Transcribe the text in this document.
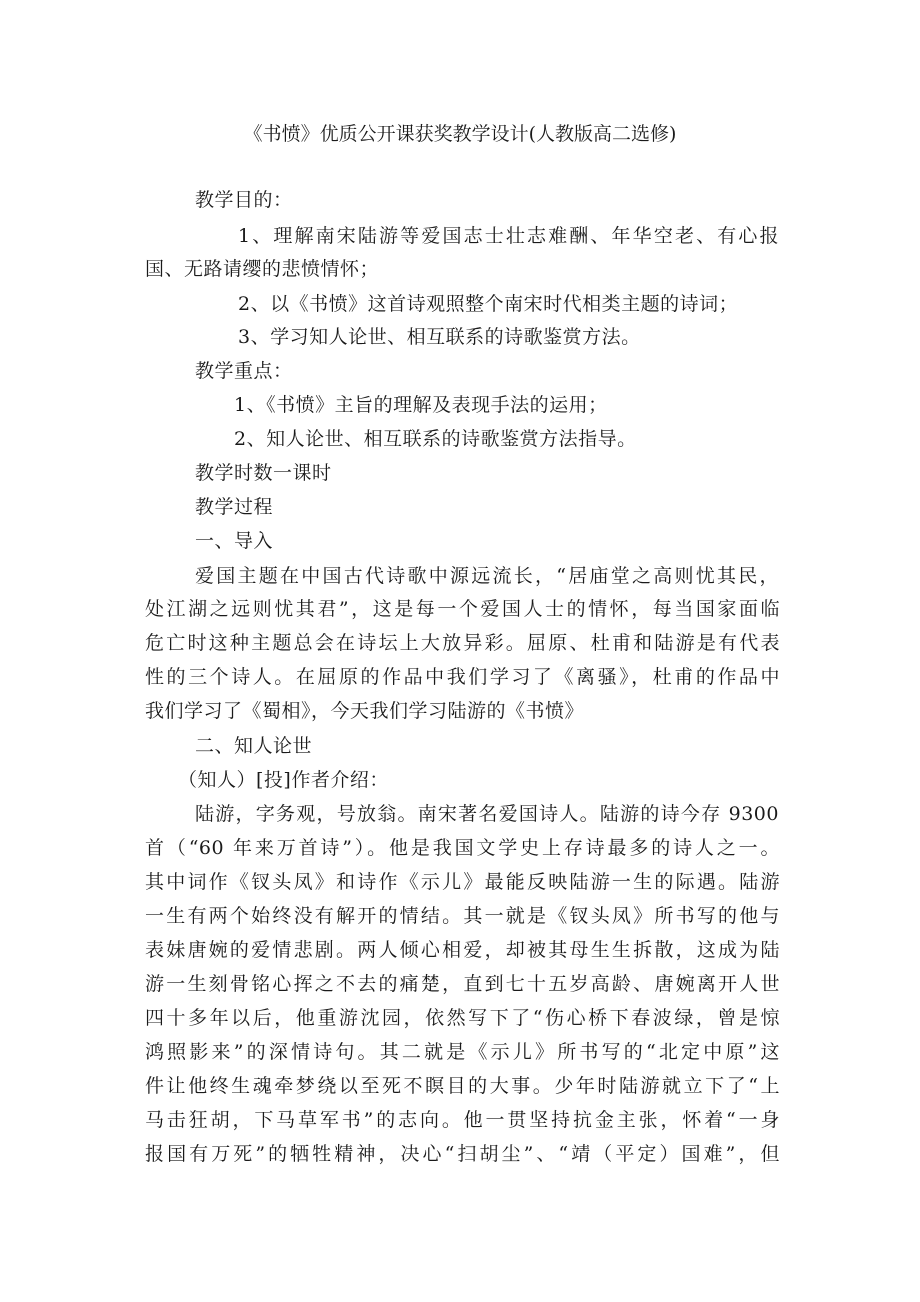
《书愤》优质公开课获奖教学设计(人教版高二选修)
教学目的：
1、理解南宋陆游等爱国志士壮志难酬、年华空老、有心报
国、无路请缨的悲愤情怀；
2、以《书愤》这首诗观照整个南宋时代相类主题的诗词；
3、学习知人论世、相互联系的诗歌鉴赏方法。
教学重点：
1、《书愤》主旨的理解及表现手法的运用；
2、知人论世、相互联系的诗歌鉴赏方法指导。
教学时数一课时
教学过程
一、导入
爱国主题在中国古代诗歌中源远流长，“居庙堂之高则忧其民，
处江湖之远则忧其君”，这是每一个爱国人士的情怀，每当国家面临
危亡时这种主题总会在诗坛上大放异彩。屈原、杜甫和陆游是有代表
性的三个诗人。在屈原的作品中我们学习了《离骚》，杜甫的作品中
我们学习了《蜀相》，今天我们学习陆游的《书愤》
二、知人论世
（知人）[投]作者介绍：
陆游，字务观，号放翁。南宋著名爱国诗人。陆游的诗今存 9300
首（“60 年来万首诗”）。他是我国文学史上存诗最多的诗人之一。
其中词作《钗头凤》和诗作《示儿》最能反映陆游一生的际遇。陆游
一生有两个始终没有解开的情结。其一就是《钗头凤》所书写的他与
表妹唐婉的爱情悲剧。两人倾心相爱，却被其母生生拆散，这成为陆
游一生刻骨铭心挥之不去的痛楚，直到七十五岁高龄、唐婉离开人世
四十多年以后，他重游沈园，依然写下了“伤心桥下春波绿，曾是惊
鸿照影来”的深情诗句。其二就是《示儿》所书写的“北定中原”这
件让他终生魂牵梦绕以至死不瞑目的大事。少年时陆游就立下了“上
马击狂胡，下马草军书”的志向。他一贯坚持抗金主张，怀着“一身
报国有万死”的牺牲精神，决心“扫胡尘”、“靖（平定）国难”，但
